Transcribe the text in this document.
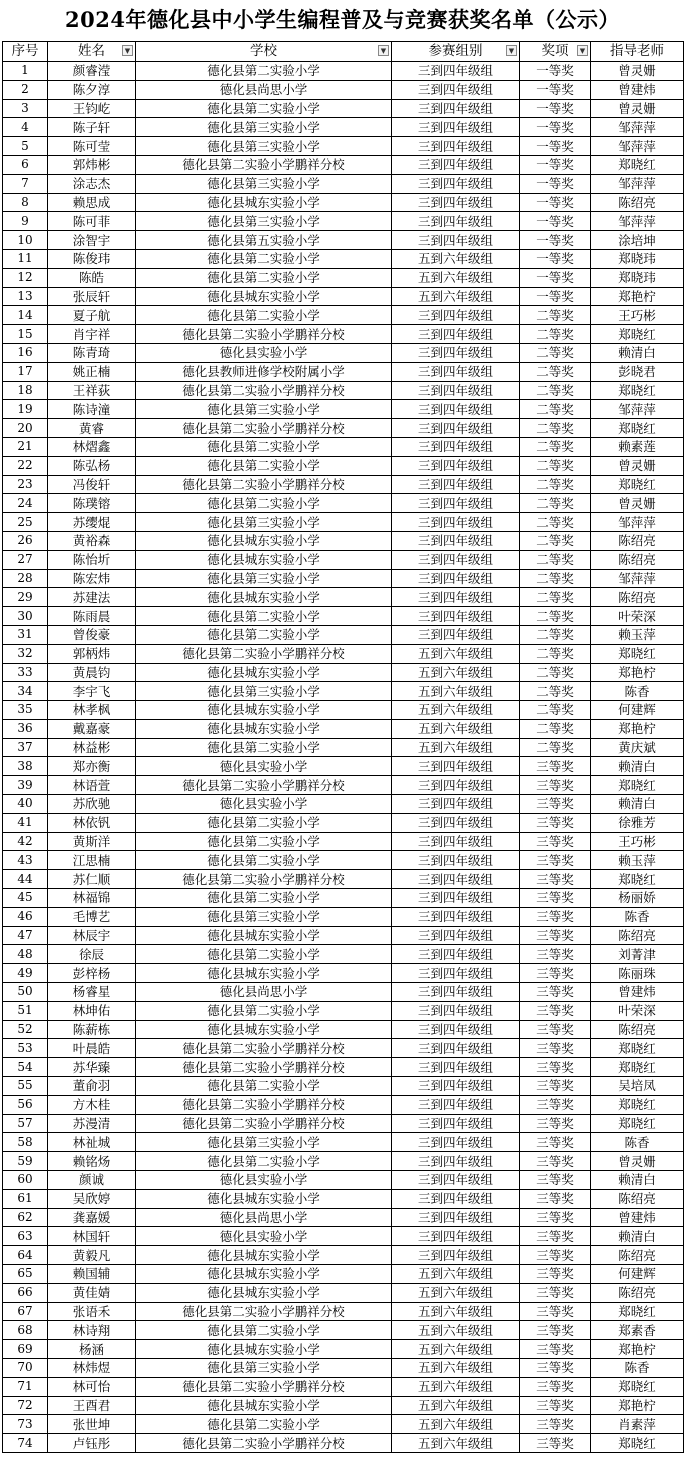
2024年德化县中小学生编程普及与竞赛获奖名单（公示）
序号	姓名 ▼	学校 ▼	参赛组别 ▼	奖项 ▼	指导老师
1	颜睿滢	德化县第二实验小学	三到四年级组	一等奖	曾灵姗
2	陈夕淳	德化县尚思小学	三到四年级组	一等奖	曾建炜
3	王钧屹	德化县第二实验小学	三到四年级组	一等奖	曾灵姗
4	陈子轩	德化县第三实验小学	三到四年级组	一等奖	邹萍萍
5	陈可莹	德化县第三实验小学	三到四年级组	一等奖	邹萍萍
6	郭炜彬	德化县第二实验小学鹏祥分校	三到四年级组	一等奖	郑晓红
7	涂志杰	德化县第三实验小学	三到四年级组	一等奖	邹萍萍
8	赖思成	德化县城东实验小学	三到四年级组	一等奖	陈绍亮
9	陈可菲	德化县第三实验小学	三到四年级组	一等奖	邹萍萍
10	涂智宇	德化县第五实验小学	三到四年级组	一等奖	涂培坤
11	陈俊玮	德化县第二实验小学	五到六年级组	一等奖	郑晓玮
12	陈皓	德化县第二实验小学	五到六年级组	一等奖	郑晓玮
13	张辰轩	德化县城东实验小学	五到六年级组	一等奖	郑艳柠
14	夏子航	德化县第二实验小学	三到四年级组	二等奖	王巧彬
15	肖宇祥	德化县第二实验小学鹏祥分校	三到四年级组	二等奖	郑晓红
16	陈青琦	德化县实验小学	三到四年级组	二等奖	赖清白
17	姚正楠	德化县教师进修学校附属小学	三到四年级组	二等奖	彭晓君
18	王祥荻	德化县第二实验小学鹏祥分校	三到四年级组	二等奖	郑晓红
19	陈诗潼	德化县第三实验小学	三到四年级组	二等奖	邹萍萍
20	黄睿	德化县第二实验小学鹏祥分校	三到四年级组	二等奖	郑晓红
21	林熠鑫	德化县第二实验小学	三到四年级组	二等奖	赖素莲
22	陈弘杨	德化县第二实验小学	三到四年级组	二等奖	曾灵姗
23	冯俊轩	德化县第二实验小学鹏祥分校	三到四年级组	二等奖	郑晓红
24	陈璞镕	德化县第二实验小学	三到四年级组	二等奖	曾灵姗
25	苏缨焜	德化县第三实验小学	三到四年级组	二等奖	邹萍萍
26	黄裕森	德化县城东实验小学	三到四年级组	二等奖	陈绍亮
27	陈怡圻	德化县城东实验小学	三到四年级组	二等奖	陈绍亮
28	陈宏炜	德化县第三实验小学	三到四年级组	二等奖	邹萍萍
29	苏建法	德化县城东实验小学	三到四年级组	二等奖	陈绍亮
30	陈雨晨	德化县第二实验小学	三到四年级组	二等奖	叶荣深
31	曾俊豪	德化县第二实验小学	三到四年级组	二等奖	赖玉萍
32	郭柄炜	德化县第二实验小学鹏祥分校	五到六年级组	二等奖	郑晓红
33	黄晨钧	德化县城东实验小学	五到六年级组	二等奖	郑艳柠
34	李宇飞	德化县第三实验小学	五到六年级组	二等奖	陈香
35	林孝枫	德化县城东实验小学	五到六年级组	二等奖	何建辉
36	戴嘉豪	德化县城东实验小学	五到六年级组	二等奖	郑艳柠
37	林益彬	德化县第二实验小学	五到六年级组	二等奖	黄庆斌
38	郑亦衡	德化县实验小学	三到四年级组	三等奖	赖清白
39	林语萱	德化县第二实验小学鹏祥分校	三到四年级组	三等奖	郑晓红
40	苏欣驰	德化县实验小学	三到四年级组	三等奖	赖清白
41	林依钒	德化县第二实验小学	三到四年级组	三等奖	徐雅芳
42	黄斯洋	德化县第二实验小学	三到四年级组	三等奖	王巧彬
43	江思楠	德化县第二实验小学	三到四年级组	三等奖	赖玉萍
44	苏仁顺	德化县第二实验小学鹏祥分校	三到四年级组	三等奖	郑晓红
45	林福锦	德化县第二实验小学	三到四年级组	三等奖	杨丽娇
46	毛博艺	德化县第三实验小学	三到四年级组	三等奖	陈香
47	林辰宇	德化县城东实验小学	三到四年级组	三等奖	陈绍亮
48	徐辰	德化县第二实验小学	三到四年级组	三等奖	刘菁津
49	彭梓杨	德化县城东实验小学	三到四年级组	三等奖	陈丽珠
50	杨睿星	德化县尚思小学	三到四年级组	三等奖	曾建炜
51	林坤佑	德化县第二实验小学	三到四年级组	三等奖	叶荣深
52	陈薪栋	德化县城东实验小学	三到四年级组	三等奖	陈绍亮
53	叶晨皓	德化县第二实验小学鹏祥分校	三到四年级组	三等奖	郑晓红
54	苏华臻	德化县第二实验小学鹏祥分校	三到四年级组	三等奖	郑晓红
55	董俞羽	德化县第二实验小学	三到四年级组	三等奖	吴培凤
56	方木桂	德化县第二实验小学鹏祥分校	三到四年级组	三等奖	郑晓红
57	苏漫清	德化县第二实验小学鹏祥分校	三到四年级组	三等奖	郑晓红
58	林祉城	德化县第三实验小学	三到四年级组	三等奖	陈香
59	赖铭炀	德化县第二实验小学	三到四年级组	三等奖	曾灵姗
60	颜诚	德化县实验小学	三到四年级组	三等奖	赖清白
61	吴欣婷	德化县城东实验小学	三到四年级组	三等奖	陈绍亮
62	龚嘉媛	德化县尚思小学	三到四年级组	三等奖	曾建炜
63	林国轩	德化县实验小学	三到四年级组	三等奖	赖清白
64	黄毅凡	德化县城东实验小学	三到四年级组	三等奖	陈绍亮
65	赖国辅	德化县城东实验小学	五到六年级组	三等奖	何建辉
66	黄佳婧	德化县城东实验小学	五到六年级组	三等奖	陈绍亮
67	张语禾	德化县第二实验小学鹏祥分校	五到六年级组	三等奖	郑晓红
68	林诗翔	德化县第二实验小学	五到六年级组	三等奖	郑素香
69	杨涵	德化县城东实验小学	五到六年级组	三等奖	郑艳柠
70	林炜煜	德化县第三实验小学	五到六年级组	三等奖	陈香
71	林可怡	德化县第二实验小学鹏祥分校	五到六年级组	三等奖	郑晓红
72	王酉君	德化县城东实验小学	五到六年级组	三等奖	郑艳柠
73	张世坤	德化县第二实验小学	五到六年级组	三等奖	肖素萍
74	卢钰彤	德化县第二实验小学鹏祥分校	五到六年级组	三等奖	郑晓红
